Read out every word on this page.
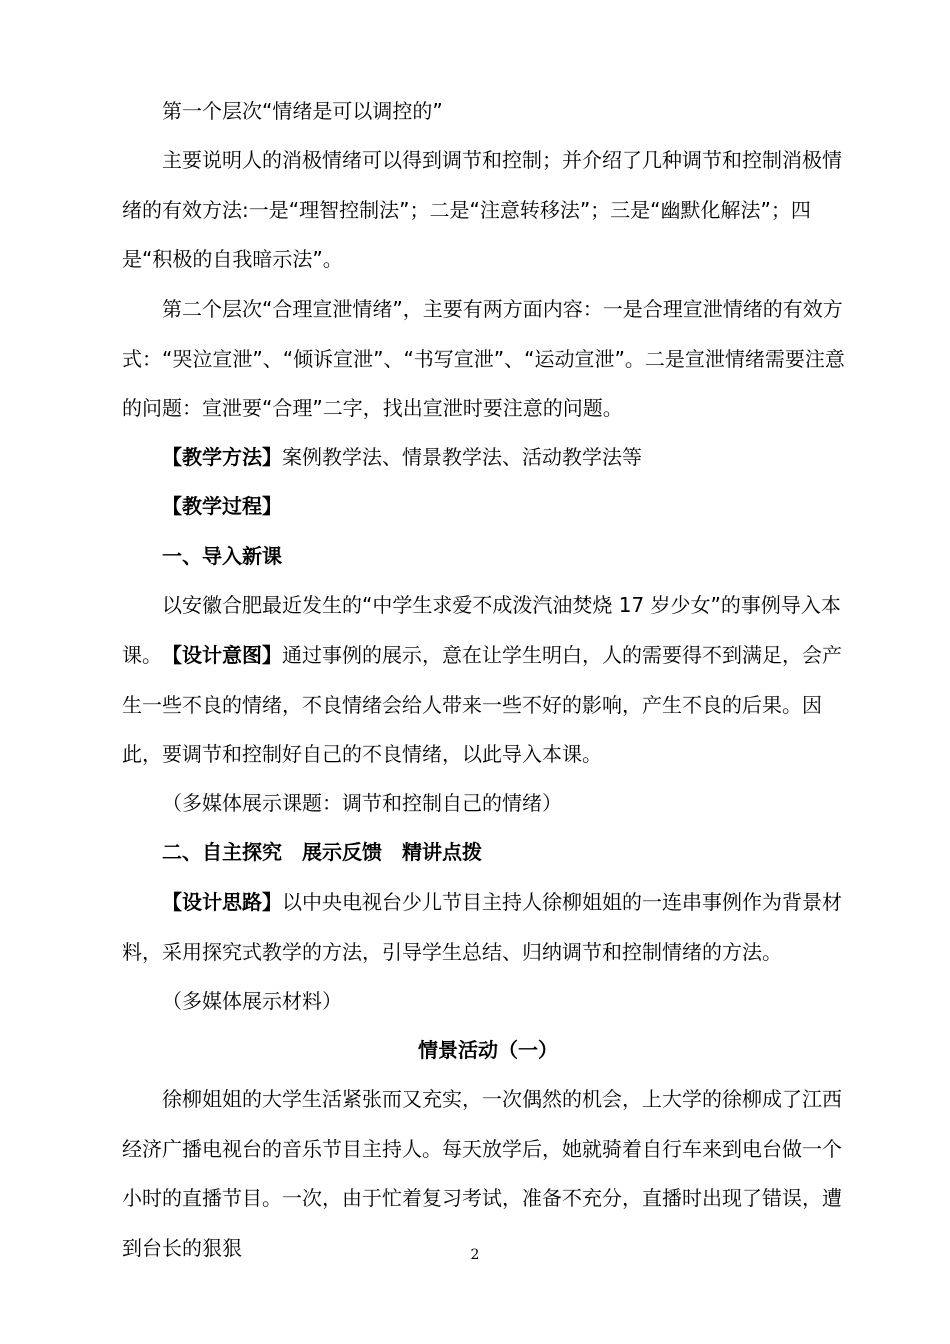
第一个层次“情绪是可以调控的”

主要说明人的消极情绪可以得到调节和控制；并介绍了几种调节和控制消极情绪的有效方法:一是“理智控制法”；二是“注意转移法”；三是“幽默化解法”；四是“积极的自我暗示法”。

第二个层次“合理宣泄情绪”，主要有两方面内容：一是合理宣泄情绪的有效方式：“哭泣宣泄”、“倾诉宣泄”、“书写宣泄”、“运动宣泄”。二是宣泄情绪需要注意的问题：宣泄要“合理”二字，找出宣泄时要注意的问题。

【教学方法】案例教学法、情景教学法、活动教学法等

【教学过程】

一、导入新课

以安徽合肥最近发生的“中学生求爱不成泼汽油焚烧 17 岁少女”的事例导入本课。 【设计意图】通过事例的展示，意在让学生明白，人的需要得不到满足，会产生一些不良的情绪，不良情绪会给人带来一些不好的影响，产生不良的后果。因此，要调节和控制好自己的不良情绪，以此导入本课。

（多媒体展示课题：调节和控制自己的情绪）

二、自主探究　展示反馈　精讲点拨

【设计思路】以中央电视台少儿节目主持人徐柳姐姐的一连串事例作为背景材料，采用探究式教学的方法，引导学生总结、归纳调节和控制情绪的方法。

（多媒体展示材料）

情景活动（一）

徐柳姐姐的大学生活紧张而又充实，一次偶然的机会，上大学的徐柳成了江西经济广播电视台的音乐节目主持人。每天放学后，她就骑着自行车来到电台做一个小时的直播节目。一次，由于忙着复习考试，准备不充分，直播时出现了错误，遭到台长的狠狠	2
